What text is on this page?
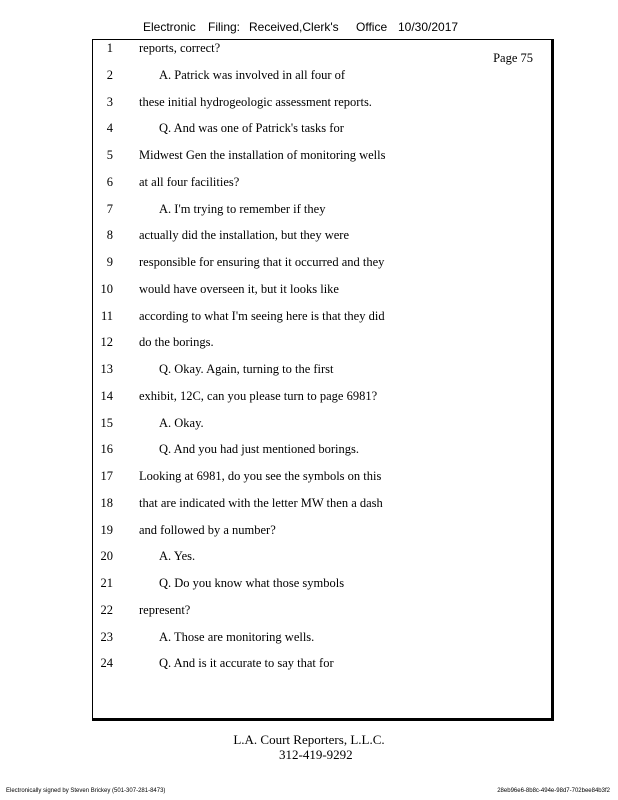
Electronic Filing: Received,Clerk's Office 10/30/2017
Page 75
1 reports, correct?
2	A. Patrick was involved in all four of
3 these initial hydrogeologic assessment reports.
4	Q. And was one of Patrick's tasks for
5 Midwest Gen the installation of monitoring wells
6 at all four facilities?
7	A. I'm trying to remember if they
8 actually did the installation, but they were
9 responsible for ensuring that it occurred and they
10 would have overseen it, but it looks like
11 according to what I'm seeing here is that they did
12 do the borings.
13	Q. Okay. Again, turning to the first
14 exhibit, 12C, can you please turn to page 6981?
15	A. Okay.
16	Q. And you had just mentioned borings.
17 Looking at 6981, do you see the symbols on this
18 that are indicated with the letter MW then a dash
19 and followed by a number?
20	A. Yes.
21	Q. Do you know what those symbols
22 represent?
23	A. Those are monitoring wells.
24	Q. And is it accurate to say that for
L.A. Court Reporters, L.L.C.
312-419-9292
Electronically signed by Steven Brickey (501-307-281-8473)	28eb96e6-8b8c-494e-98d7-702bee84b3f2
